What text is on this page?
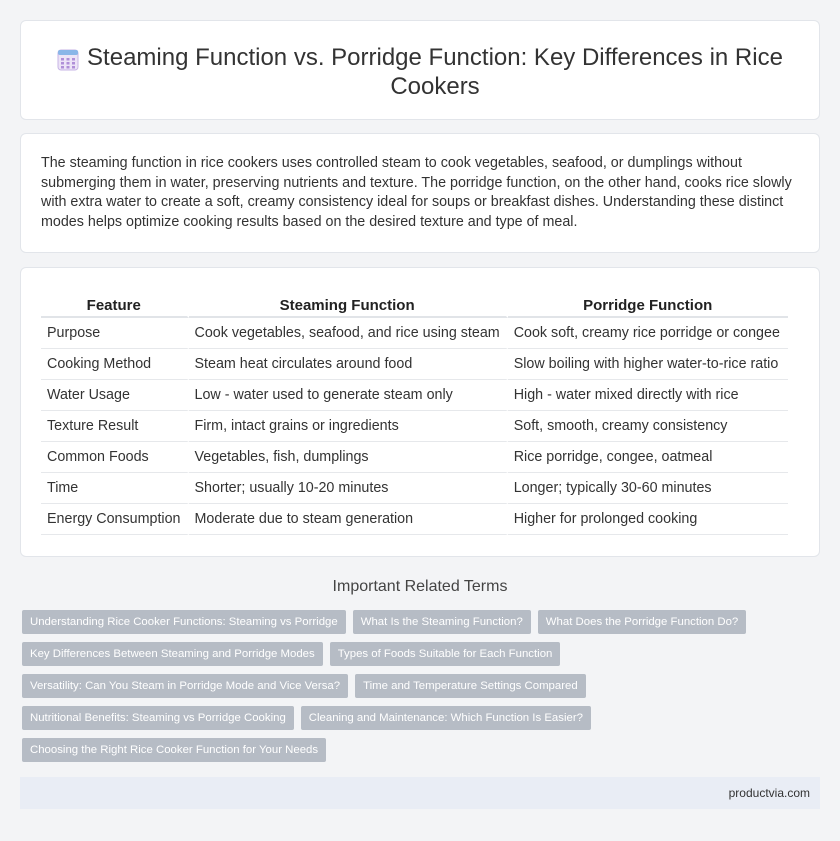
Steaming Function vs. Porridge Function: Key Differences in Rice Cookers

The steaming function in rice cookers uses controlled steam to cook vegetables, seafood, or dumplings without submerging them in water, preserving nutrients and texture. The porridge function, on the other hand, cooks rice slowly with extra water to create a soft, creamy consistency ideal for soups or breakfast dishes. Understanding these distinct modes helps optimize cooking results based on the desired texture and type of meal.

Feature	Steaming Function	Porridge Function
Purpose	Cook vegetables, seafood, and rice using steam	Cook soft, creamy rice porridge or congee
Cooking Method	Steam heat circulates around food	Slow boiling with higher water-to-rice ratio
Water Usage	Low - water used to generate steam only	High - water mixed directly with rice
Texture Result	Firm, intact grains or ingredients	Soft, smooth, creamy consistency
Common Foods	Vegetables, fish, dumplings	Rice porridge, congee, oatmeal
Time	Shorter; usually 10-20 minutes	Longer; typically 30-60 minutes
Energy Consumption	Moderate due to steam generation	Higher for prolonged cooking
Important Related Terms
Understanding Rice Cooker Functions: Steaming vs Porridge	What Is the Steaming Function?	What Does the Porridge Function Do?
Key Differences Between Steaming and Porridge Modes	Types of Foods Suitable for Each Function
Versatility: Can You Steam in Porridge Mode and Vice Versa?	Time and Temperature Settings Compared
Nutritional Benefits: Steaming vs Porridge Cooking	Cleaning and Maintenance: Which Function Is Easier?
Choosing the Right Rice Cooker Function for Your Needs
productvia.com
